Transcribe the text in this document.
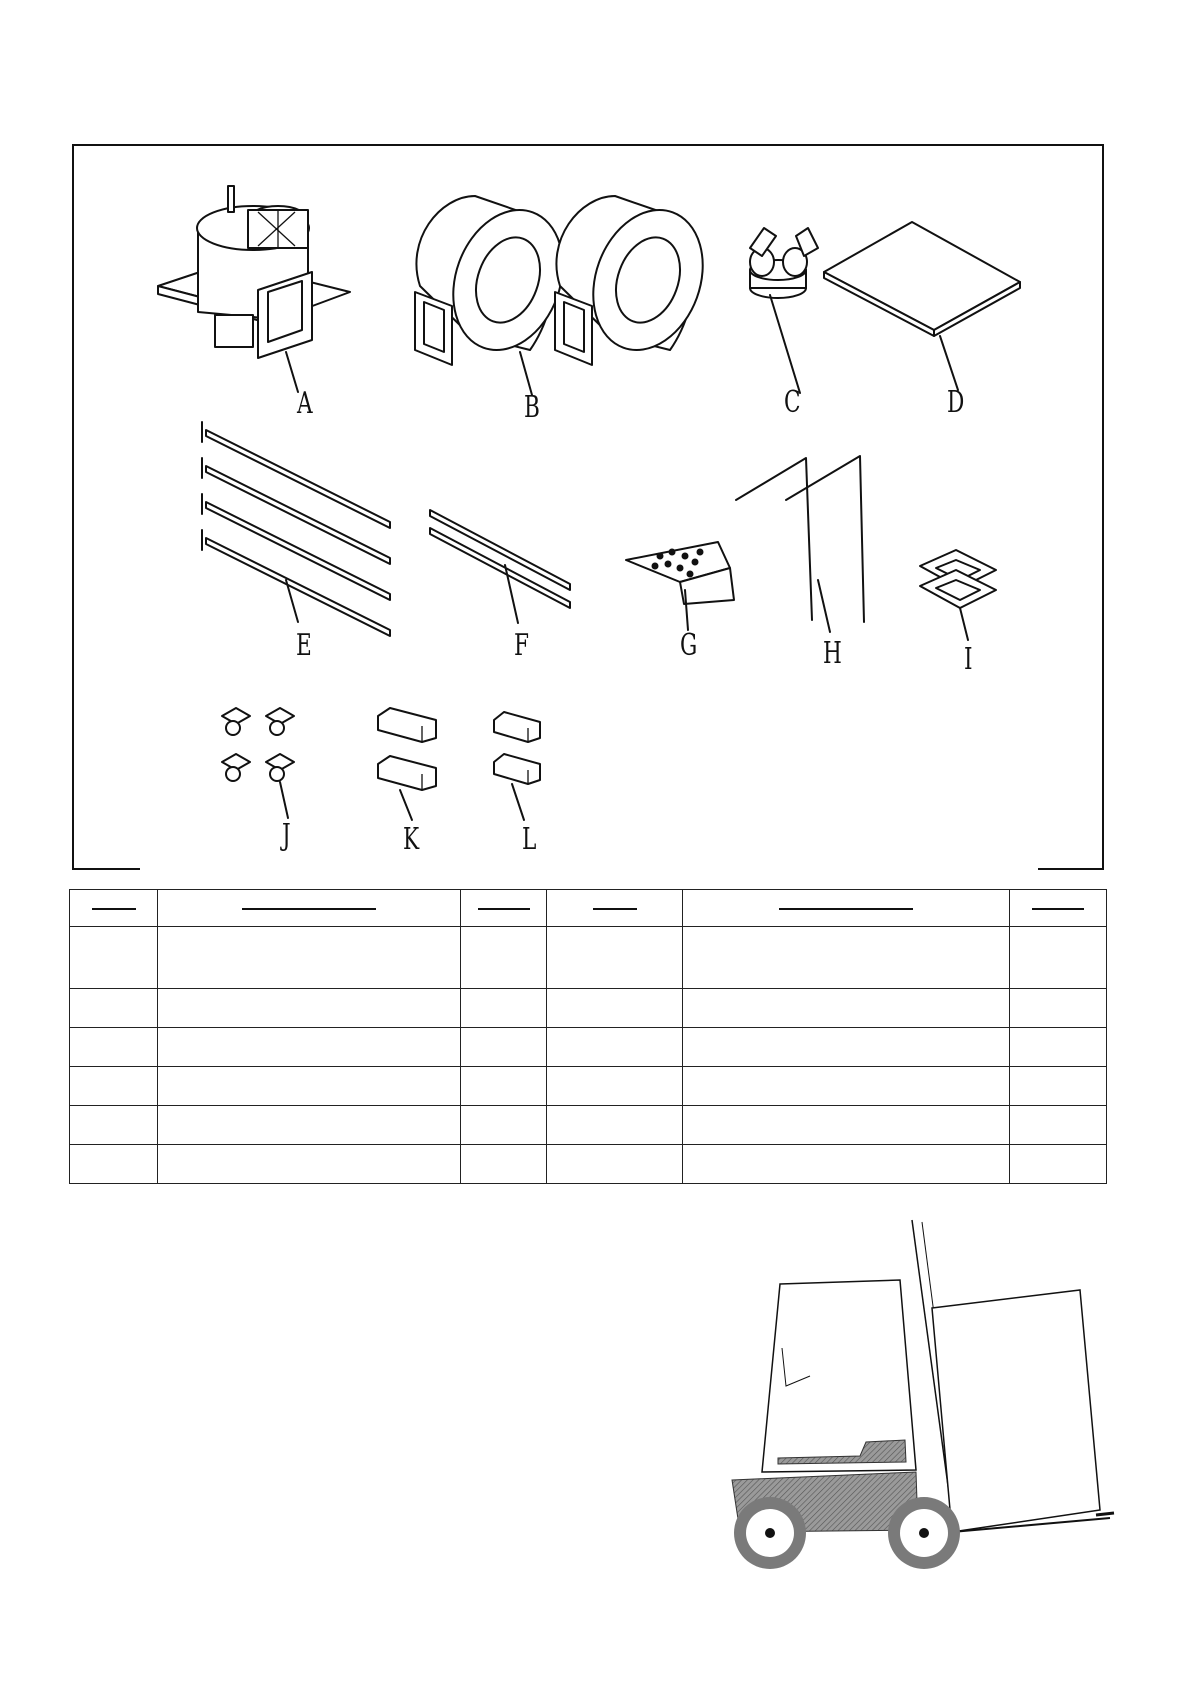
A	B	C	D
E	F	G	H	I
J	K	L
